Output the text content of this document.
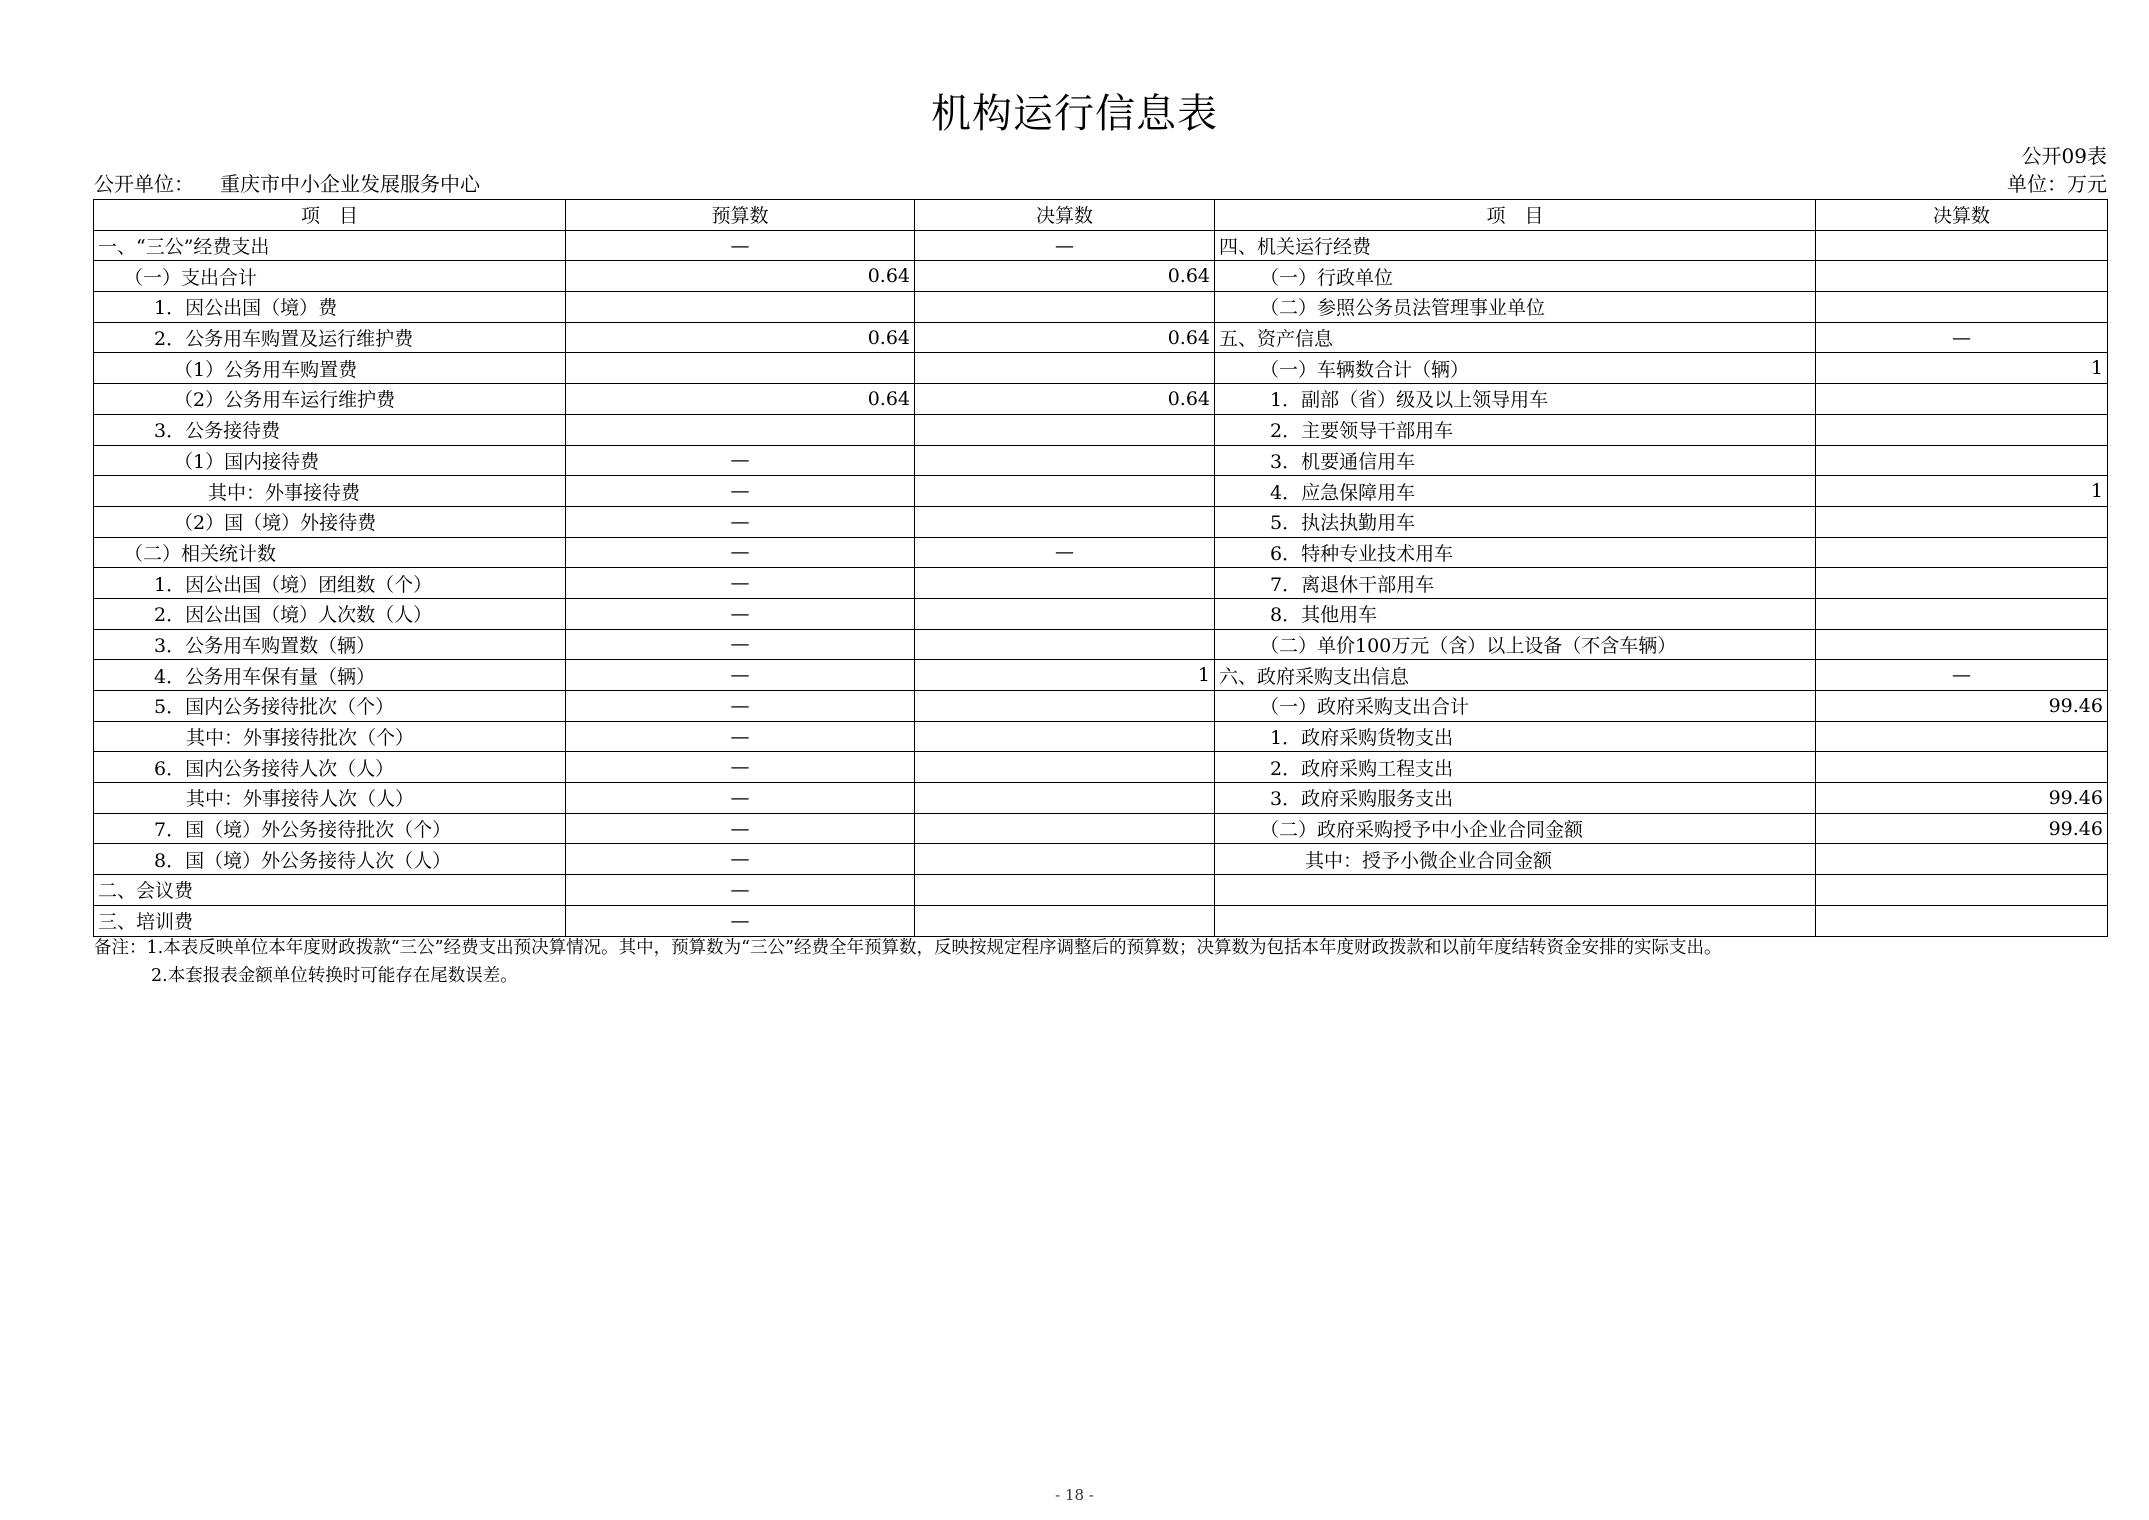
机构运行信息表
公开09表
公开单位： 重庆市中小企业发展服务中心	单位：万元
项　目	预算数	决算数	项　目	决算数
一、“三公”经费支出	—	—	四、机关运行经费	
（一）支出合计	0.64	0.64	（一）行政单位	
1．因公出国（境）费			（二）参照公务员法管理事业单位	
2．公务用车购置及运行维护费	0.64	0.64	五、资产信息	—
（1）公务用车购置费			（一）车辆数合计（辆）	1
（2）公务用车运行维护费	0.64	0.64	1．副部（省）级及以上领导用车	
3．公务接待费			2．主要领导干部用车	
（1）国内接待费	—		3．机要通信用车	
其中：外事接待费	—		4．应急保障用车	1
（2）国（境）外接待费	—		5．执法执勤用车	
（二）相关统计数	—	—	6．特种专业技术用车	
1．因公出国（境）团组数（个）	—		7．离退休干部用车	
2．因公出国（境）人次数（人）	—		8．其他用车	
3．公务用车购置数（辆）	—		（二）单价100万元（含）以上设备（不含车辆）	
4．公务用车保有量（辆）	—	1	六、政府采购支出信息	—
5．国内公务接待批次（个）	—		（一）政府采购支出合计	99.46
其中：外事接待批次（个）	—		1．政府采购货物支出	
6．国内公务接待人次（人）	—		2．政府采购工程支出	
其中：外事接待人次（人）	—		3．政府采购服务支出	99.46
7．国（境）外公务接待批次（个）	—		（二）政府采购授予中小企业合同金额	99.46
8．国（境）外公务接待人次（人）	—		其中：授予小微企业合同金额	
二、会议费	—			
三、培训费	—			
备注：1.本表反映单位本年度财政拨款“三公”经费支出预决算情况。其中，预算数为“三公”经费全年预算数，反映按规定程序调整后的预算数；决算数为包括本年度财政拨款和以前年度结转资金安排的实际支出。
2.本套报表金额单位转换时可能存在尾数误差。
- 18 -
